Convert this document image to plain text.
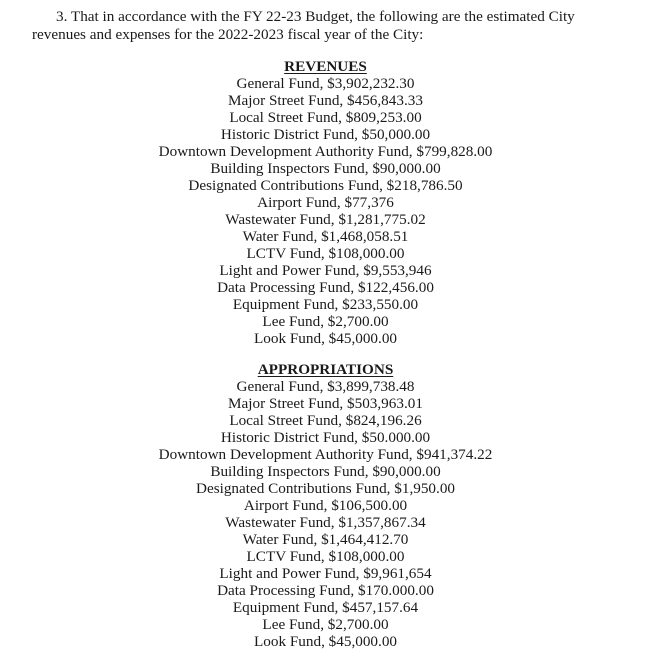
3. That in accordance with the FY 22-23 Budget, the following are the estimated City
revenues and expenses for the 2022-2023 fiscal year of the City:
REVENUES
General Fund, $3,902,232.30
Major Street Fund, $456,843.33
Local Street Fund, $809,253.00
Historic District Fund, $50,000.00
Downtown Development Authority Fund, $799,828.00
Building Inspectors Fund, $90,000.00
Designated Contributions Fund, $218,786.50
Airport Fund, $77,376
Wastewater Fund, $1,281,775.02
Water Fund, $1,468,058.51
LCTV Fund, $108,000.00
Light and Power Fund, $9,553,946
Data Processing Fund, $122,456.00
Equipment Fund, $233,550.00
Lee Fund, $2,700.00
Look Fund, $45,000.00
APPROPRIATIONS
General Fund, $3,899,738.48
Major Street Fund, $503,963.01
Local Street Fund, $824,196.26
Historic District Fund, $50.000.00
Downtown Development Authority Fund, $941,374.22
Building Inspectors Fund, $90,000.00
Designated Contributions Fund, $1,950.00
Airport Fund, $106,500.00
Wastewater Fund, $1,357,867.34
Water Fund, $1,464,412.70
LCTV Fund, $108,000.00
Light and Power Fund, $9,961,654
Data Processing Fund, $170.000.00
Equipment Fund, $457,157.64
Lee Fund, $2,700.00
Look Fund, $45,000.00
